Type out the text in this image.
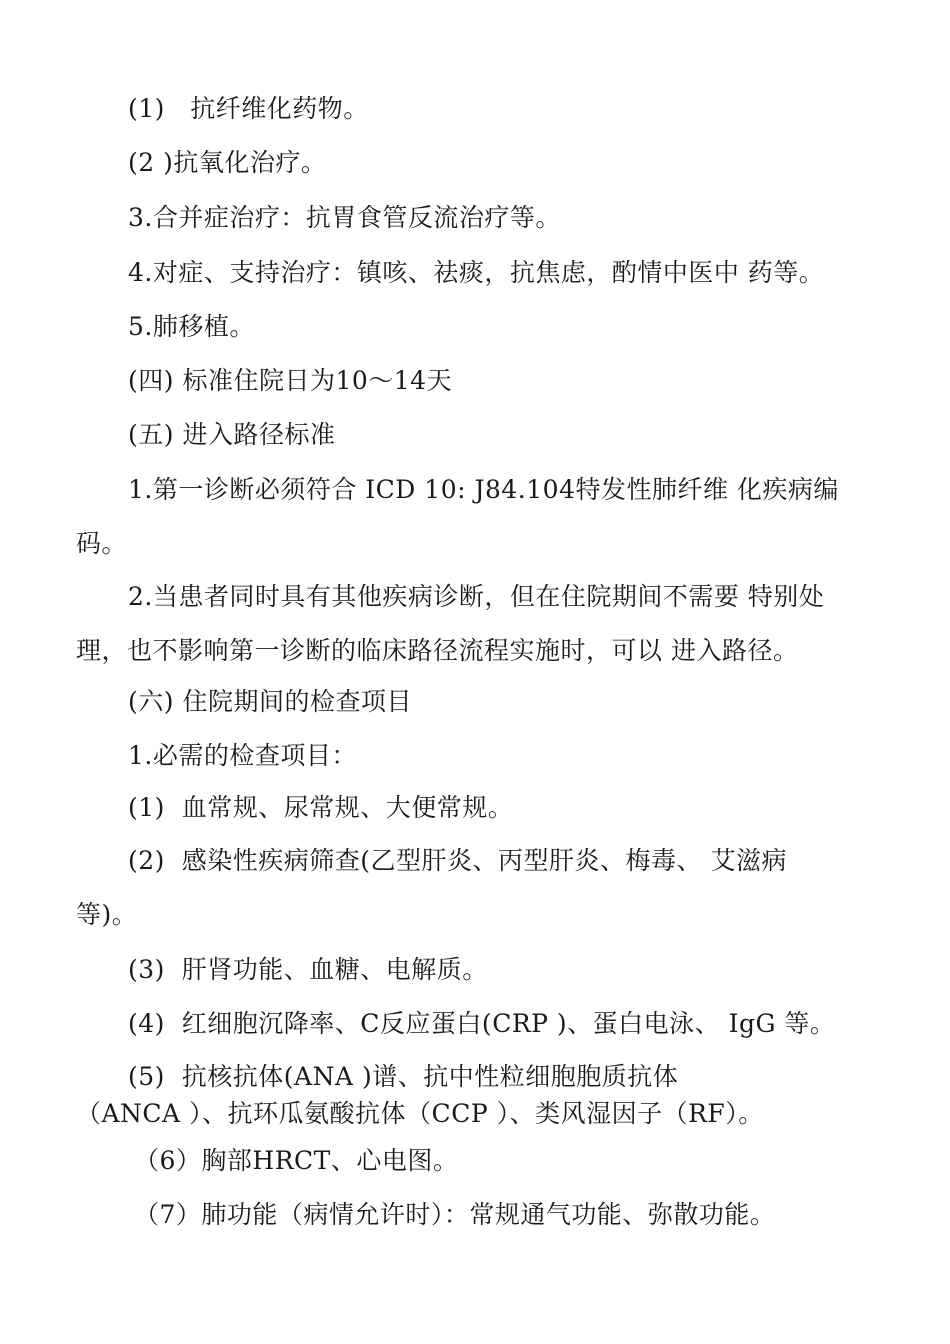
(1)   抗纤维化药物。
(2 )抗氧化治疗。
3.合并症治疗：抗胃食管反流治疗等。
4.对症、支持治疗：镇咳、祛痰，抗焦虑，酌情中医中 药等。
5.肺移植。
(四) 标准住院日为10〜14天
(五) 进入路径标准
1.第一诊断必须符合 ICD 10: J84.104特发性肺纤维 化疾病编
码。
2.当患者同时具有其他疾病诊断，但在住院期间不需要 特别处
理，也不影响第一诊断的临床路径流程实施时，可以 进入路径。
(六) 住院期间的检查项目
1.必需的检查项目：
(1)  血常规、尿常规、大便常规。
(2)  感染性疾病筛查(乙型肝炎、丙型肝炎、梅毒、 艾滋病
等)。
(3)  肝肾功能、血糖、电解质。
(4)  红细胞沉降率、C反应蛋白(CRP )、蛋白电泳、 IgG 等。
(5)  抗核抗体(ANA )谱、抗中性粒细胞胞质抗体
（ANCA ）、抗环瓜氨酸抗体（CCP ）、类风湿因子（RF）。
（6）胸部HRCT、心电图。
（7）肺功能（病情允许时）：常规通气功能、弥散功能。
